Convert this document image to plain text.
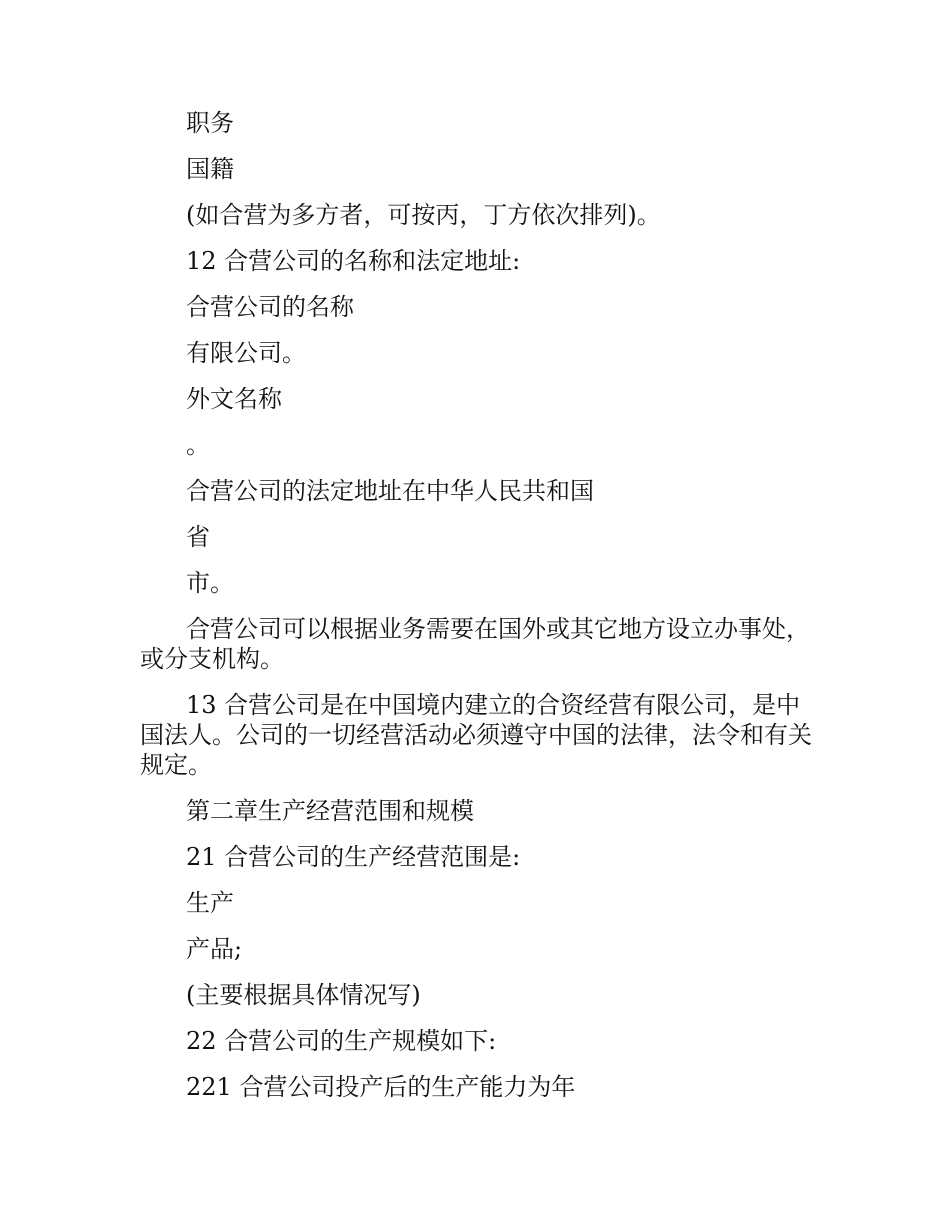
职务

国籍

(如合营为多方者，可按丙，丁方依次排列)。

12 合营公司的名称和法定地址:

合营公司的名称

有限公司。

外文名称

。

合营公司的法定地址在中华人民共和国

省

市。

合营公司可以根据业务需要在国外或其它地方设立办事处，或分支机构。

13 合营公司是在中国境内建立的合资经营有限公司，是中国法人。公司的一切经营活动必须遵守中国的法律，法令和有关规定。

第二章生产经营范围和规模

21 合营公司的生产经营范围是:

生产

产品;

(主要根据具体情况写)

22 合营公司的生产规模如下:

221 合营公司投产后的生产能力为年
